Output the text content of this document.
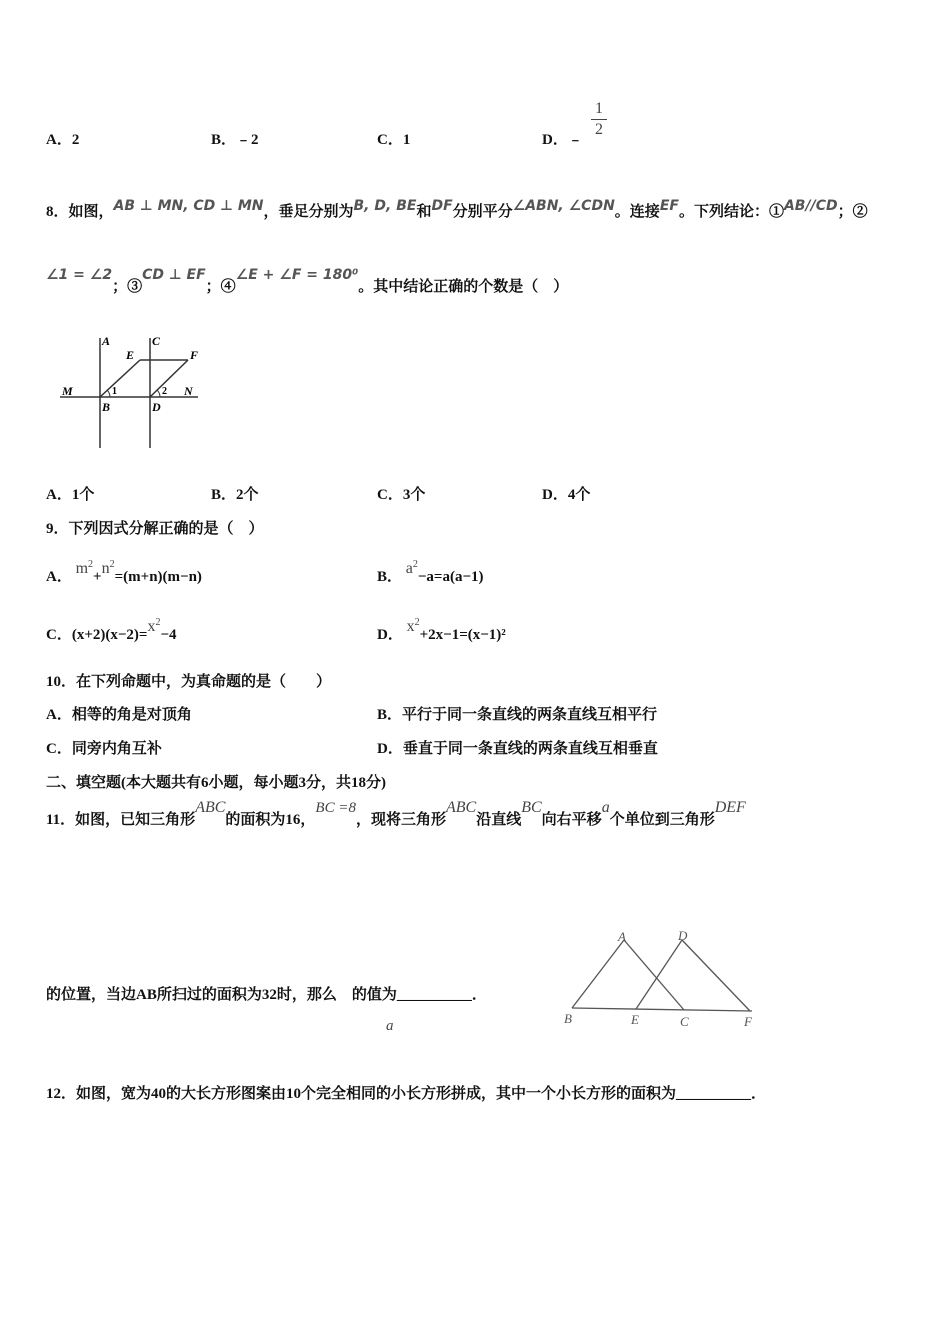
A．2	B．﹣2	C．1	D．﹣
1
2
8．如图，AB ⊥ MN, CD ⊥ MN，垂足分别为B, D, BE和DF分别平分∠ABN, ∠CDN。连接EF。下列结论：①AB//CD；②
∠1 = ∠2；③CD ⊥ EF；④∠E + ∠F = 180⁰。其中结论正确的个数是（　）
A	C
E	F
M	N
B	D
1	2
A．1个	B．2个	C．3个	D．4个
9．下列因式分解正确的是（　）
A． $m^2+n^2=(m+n)(m-n)$	B． $a^2-a=a(a-1)$
C．$(x+2)(x-2)=x^2-4$	D． $x^2+2x-1=(x-1)^2$
10．在下列命题中，为真命题的是（　　）
A．相等的角是对顶角	B．平行于同一条直线的两条直线互相平行
C．同旁内角互补	D．垂直于同一条直线的两条直线互相垂直
二、填空题(本大题共有6小题，每小题3分，共18分)
11．如图，已知三角形ABC的面积为16，BC =8，现将三角形ABC沿直线BC向右平移a个单位到三角形DEF
的位置，当边AB所扫过的面积为32时，那么　的值为__________．
a
A	D
B	E	C	F
12．如图，宽为40的大长方形图案由10个完全相同的小长方形拼成，其中一个小长方形的面积为__________．
